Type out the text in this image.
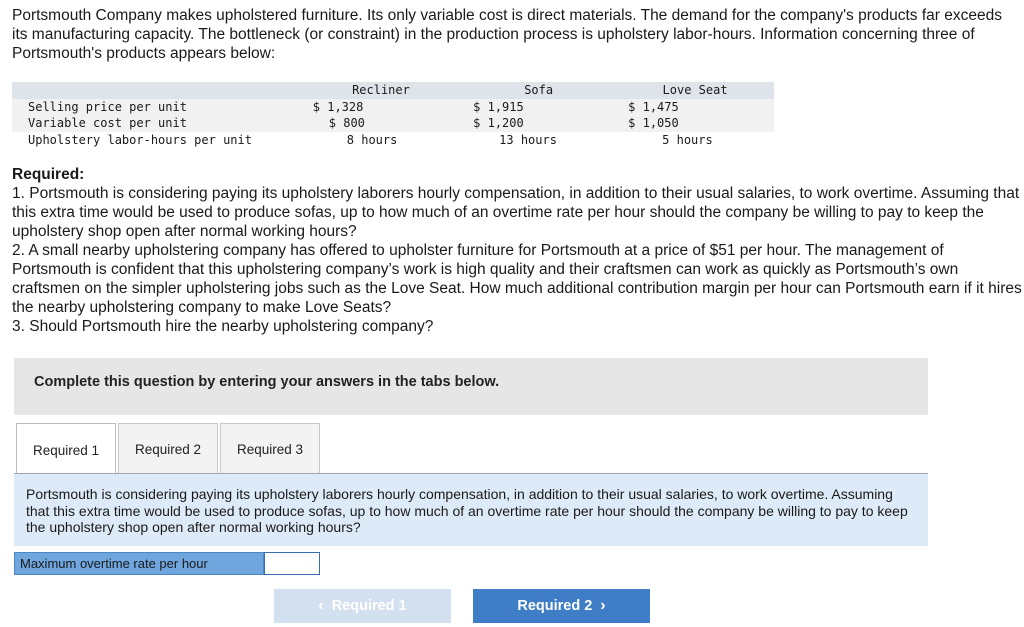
Portsmouth Company makes upholstered furniture. Its only variable cost is direct materials. The demand for the company's products far exceeds its manufacturing capacity. The bottleneck (or constraint) in the production process is upholstery labor-hours. Information concerning three of Portsmouth's products appears below:

	Recliner	Sofa	Love Seat
Selling price per unit	$ 1,328	$ 1,915	$ 1,475
Variable cost per unit	$ 800	$ 1,200	$ 1,050
Upholstery labor-hours per unit	8 hours	13 hours	5 hours
Required:

1. Portsmouth is considering paying its upholstery laborers hourly compensation, in addition to their usual salaries, to work overtime. Assuming that this extra time would be used to produce sofas, up to how much of an overtime rate per hour should the company be willing to pay to keep the upholstery shop open after normal working hours?

2. A small nearby upholstering company has offered to upholster furniture for Portsmouth at a price of $51 per hour. The management of Portsmouth is confident that this upholstering company’s work is high quality and their craftsmen can work as quickly as Portsmouth’s own craftsmen on the simpler upholstering jobs such as the Love Seat. How much additional contribution margin per hour can Portsmouth earn if it hires the nearby upholstering company to make Love Seats?

3. Should Portsmouth hire the nearby upholstering company?

Complete this question by entering your answers in the tabs below.
Required 1	Required 2	Required 3

Portsmouth is considering paying its upholstery laborers hourly compensation, in addition to their usual salaries, to work overtime. Assuming that this extra time would be used to produce sofas, up to how much of an overtime rate per hour should the company be willing to pay to keep the upholstery shop open after normal working hours?

Maximum overtime rate per hour
‹ Required 1	Required 2 ›
